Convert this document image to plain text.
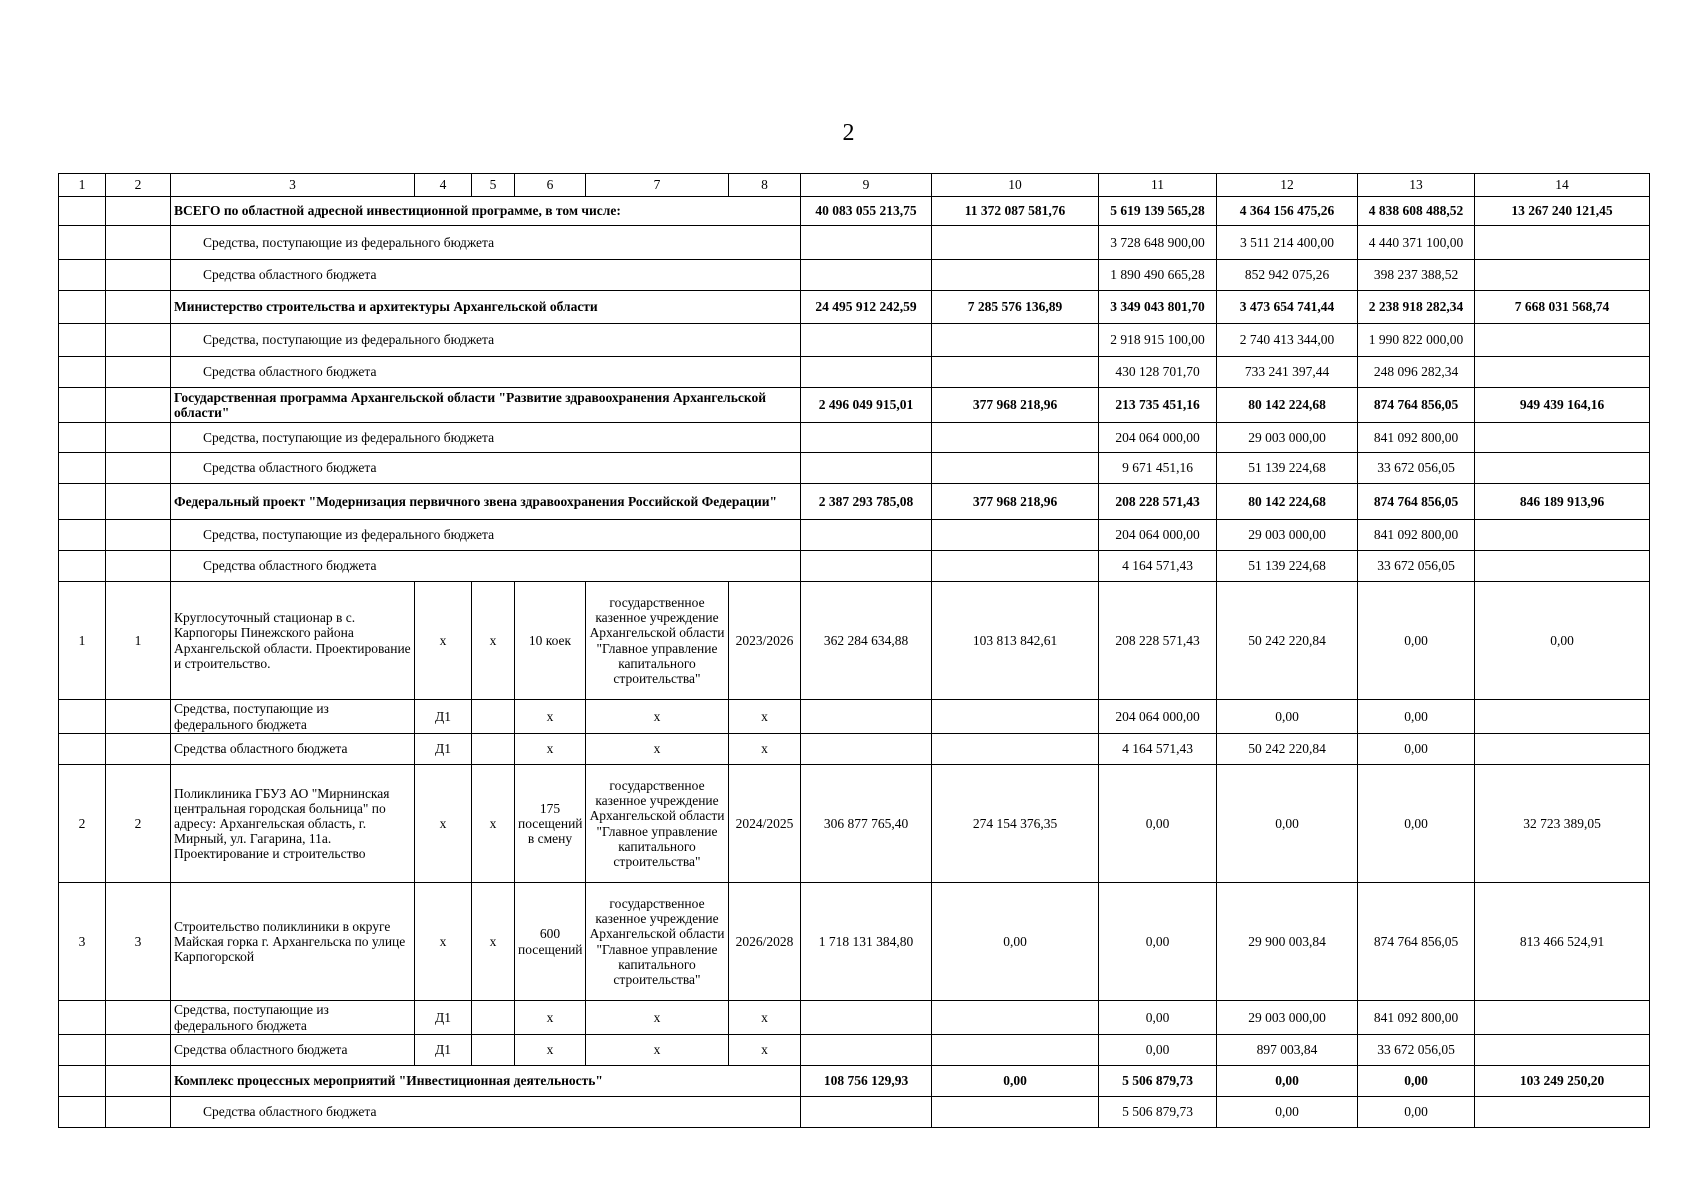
2
1	2	3	4	5	6	7	8	9	10	11	12	13	14
		ВСЕГО по областной адресной инвестиционной программе, в том числе:						40 083 055 213,75	11 372 087 581,76	5 619 139 565,28	4 364 156 475,26	4 838 608 488,52	13 267 240 121,45
		Средства, поступающие из федерального бюджета								3 728 648 900,00	3 511 214 400,00	4 440 371 100,00	
		Средства областного бюджета								1 890 490 665,28	852 942 075,26	398 237 388,52	
		Министерство строительства и архитектуры Архангельской области						24 495 912 242,59	7 285 576 136,89	3 349 043 801,70	3 473 654 741,44	2 238 918 282,34	7 668 031 568,74
		Средства, поступающие из федерального бюджета								2 918 915 100,00	2 740 413 344,00	1 990 822 000,00	
		Средства областного бюджета								430 128 701,70	733 241 397,44	248 096 282,34	
		Государственная программа Архангельской области "Развитие здравоохранения Архангельской области"						2 496 049 915,01	377 968 218,96	213 735 451,16	80 142 224,68	874 764 856,05	949 439 164,16
		Средства, поступающие из федерального бюджета								204 064 000,00	29 003 000,00	841 092 800,00	
		Средства областного бюджета								9 671 451,16	51 139 224,68	33 672 056,05	
		Федеральный проект "Модернизация первичного звена здравоохранения Российской Федерации"						2 387 293 785,08	377 968 218,96	208 228 571,43	80 142 224,68	874 764 856,05	846 189 913,96
		Средства, поступающие из федерального бюджета								204 064 000,00	29 003 000,00	841 092 800,00	
		Средства областного бюджета								4 164 571,43	51 139 224,68	33 672 056,05	
1	1	Круглосуточный стационар в с. Карпогоры Пинежского района Архангельской области. Проектирование и строительство.	х	х	10 коек	государственное казенное учреждение Архангельской области "Главное управление капитального строительства"	2023/2026	362 284 634,88	103 813 842,61	208 228 571,43	50 242 220,84	0,00	0,00
		Средства, поступающие из федерального бюджета	Д1		х	х	х			204 064 000,00	0,00	0,00	
		Средства областного бюджета	Д1		х	х	х			4 164 571,43	50 242 220,84	0,00	
2	2	Поликлиника ГБУЗ АО "Мирнинская центральная городская больница" по адресу: Архангельская область, г. Мирный, ул. Гагарина, 11а. Проектирование и строительство	х	х	175 посещений в смену	государственное казенное учреждение Архангельской области "Главное управление капитального строительства"	2024/2025	306 877 765,40	274 154 376,35	0,00	0,00	0,00	32 723 389,05
3	3	Строительство поликлиники в округе Майская горка г. Архангельска по улице Карпогорской	х	х	600 посещений	государственное казенное учреждение Архангельской области "Главное управление капитального строительства"	2026/2028	1 718 131 384,80	0,00	0,00	29 900 003,84	874 764 856,05	813 466 524,91
		Средства, поступающие из федерального бюджета	Д1		х	х	х			0,00	29 003 000,00	841 092 800,00	
		Средства областного бюджета	Д1		х	х	х			0,00	897 003,84	33 672 056,05	
		Комплекс процессных мероприятий "Инвестиционная деятельность"						108 756 129,93	0,00	5 506 879,73	0,00	0,00	103 249 250,20
		Средства областного бюджета								5 506 879,73	0,00	0,00	
